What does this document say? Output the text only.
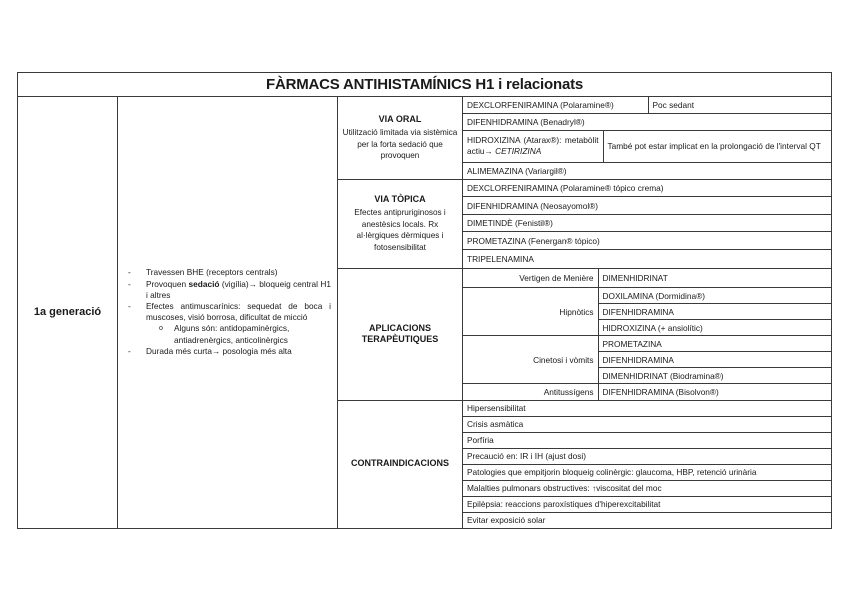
FÀRMACS ANTIHISTAMÍNICS H1 i relacionats
1a generació	
- Travessen BHE (receptors centrals)
- Provoquen sedació (vigília)→ bloqueig central H1 i altres
- Efectes antimuscarínics: sequedat de boca i muscoses, visió borrosa, dificultat de micció
o Alguns són: antidopaminèrgics, antiadrenèrgics, anticolinèrgics
- Durada més curta→ posologia més alta

VIA ORAL
Utilització limitada via sistèmica per la forta sedació que provoquen	
DEXCLORFENIRAMINA (Polaramine®)	Poc sedant
DIFENHIDRAMINA (Benadryl®)
HIDROXIZINA (Atarax®): metabòlit actiu→ CETIRIZINA	També pot estar implicat en la prolongació de l'interval QT
ALIMEMAZINA (Variargil®)

VIA TÒPICA
Efectes antipruriginosos i anestèsics locals. Rx al·lèrgiques dèrmiques i fotosensibilitat	
DEXCLORFENIRAMINA (Polaramine® tópico crema)
DIFENHIDRAMINA (Neosayomol®)
DIMETINDÈ (Fenistil®)
PROMETAZINA (Fenergan® tópico)
TRIPELENAMINA

APLICACIONS TERAPÈUTIQUES

Vertigen de Menière	DIMENHIDRINAT
Hipnòtics	DOXILAMINA (Dormidina®)
DIFENHIDRAMINA
HIDROXIZINA (+ ansiolític)
Cinetosi i vòmits	PROMETAZINA
DIFENHIDRAMINA
DIMENHIDRINAT (Biodramina®)
Antitussígens	DIFENHIDRAMINA (Bisolvon®)

CONTRAINDICACIONS

Hipersensibilitat
Crisis asmàtica
Porfíria
Precaució en: IR i IH (ajust dosi)
Patologies que empitjorin bloqueig colinèrgic: glaucoma, HBP, retenció urinària
Malalties pulmonars obstructives: ↑viscositat del moc
Epilèpsia: reaccions paroxístiques d'hiperexcitabilitat
Evitar exposició solar
